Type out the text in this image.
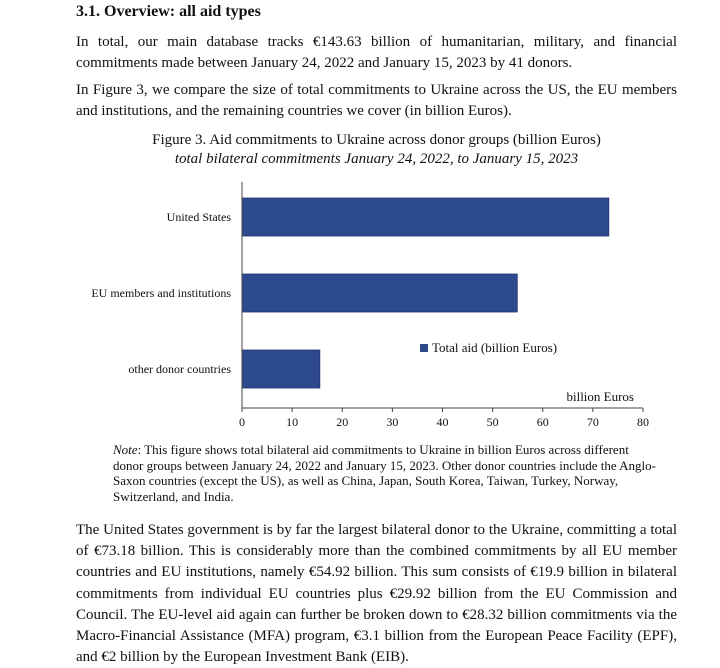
3.1. Overview: all aid types
In total, our main database tracks €143.63 billion of humanitarian, military, and financial commitments made between January 24, 2022 and January 15, 2023 by 41 donors.
In Figure 3, we compare the size of total commitments to Ukraine across the US, the EU members and institutions, and the remaining countries we cover (in billion Euros).
Figure 3. Aid commitments to Ukraine across donor groups (billion Euros)
total bilateral commitments January 24, 2022, to January 15, 2023
United States
EU members and institutions
other donor countries
0	10	20	30	40	50	60	70	80
billion Euros
Total aid (billion Euros)
Note: This figure shows total bilateral aid commitments to Ukraine in billion Euros across different donor groups between January 24, 2022 and January 15, 2023. Other donor countries include the Anglo-Saxon countries (except the US), as well as China, Japan, South Korea, Taiwan, Turkey, Norway, Switzerland, and India.
The United States government is by far the largest bilateral donor to the Ukraine, committing a total of €73.18 billion. This is considerably more than the combined commitments by all EU member countries and EU institutions, namely €54.92 billion. This sum consists of €19.9 billion in bilateral commitments from individual EU countries plus €29.92 billion from the EU Commission and Council. The EU-level aid again can further be broken down to €28.32 billion commitments via the Macro-Financial Assistance (MFA) program, €3.1 billion from the European Peace Facility (EPF), and €2 billion by the European Investment Bank (EIB).
